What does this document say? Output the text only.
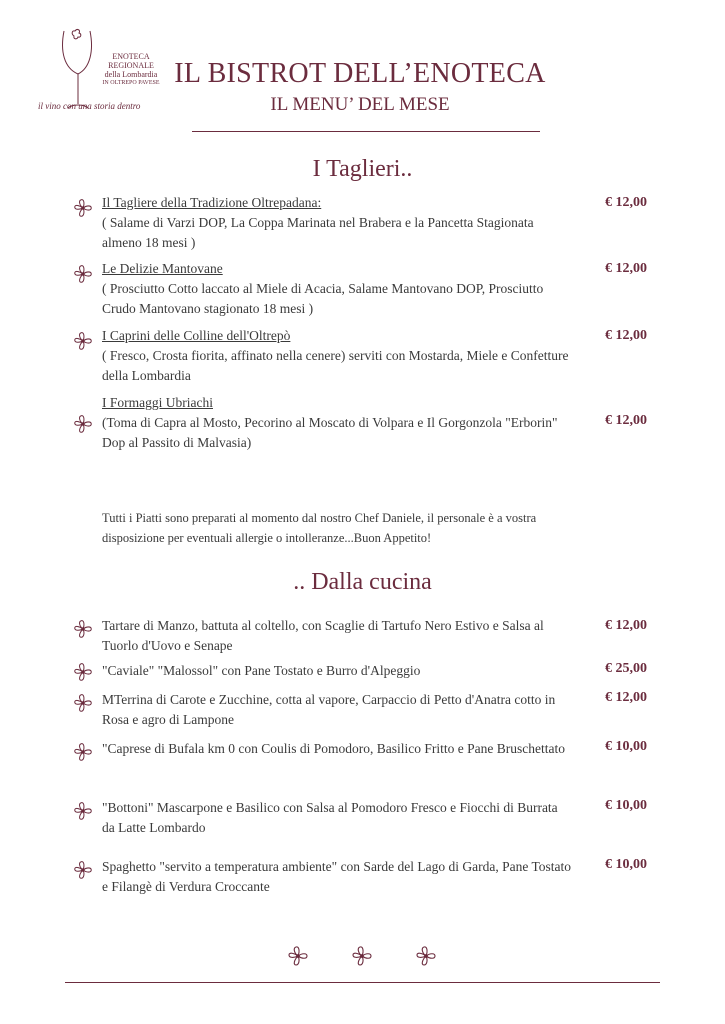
ENOTECA
REGIONALE
della Lombardia
IN OLTREPO PAVESE
il vino con una storia dentro
IL BISTROT DELL’ENOTECA
IL MENU’ DEL MESE
I Taglieri..
Il Tagliere della Tradizione Oltrepadana:
( Salame di Varzi DOP, La Coppa Marinata nel Brabera e la Pancetta Stagionata almeno 18 mesi )
€ 12,00
Le Delizie Mantovane
( Prosciutto Cotto laccato al Miele di Acacia, Salame Mantovano DOP, Prosciutto Crudo Mantovano stagionato 18 mesi )
€ 12,00
I Caprini delle Colline dell'Oltrepò
( Fresco, Crosta fiorita, affinato nella cenere) serviti con Mostarda, Miele e Confetture della Lombardia
€ 12,00
I Formaggi Ubriachi
(Toma di Capra al Mosto, Pecorino al Moscato di Volpara e Il Gorgonzola "Erborin" Dop al Passito di Malvasia)
€ 12,00
Tutti i Piatti sono preparati al momento dal nostro Chef Daniele, il personale è a vostra disposizione per eventuali allergie o intolleranze...Buon Appetito!
.. Dalla cucina
Tartare di Manzo, battuta al coltello, con Scaglie di Tartufo Nero Estivo e Salsa al Tuorlo d'Uovo e Senape
€ 12,00
"Caviale" "Malossol" con Pane Tostato e Burro d'Alpeggio	€ 25,00
MTerrina di Carote e Zucchine, cotta al vapore, Carpaccio di Petto d'Anatra cotto in Rosa e agro di Lampone
€ 12,00
"Caprese di Bufala km 0 con Coulis di Pomodoro, Basilico Fritto e Pane Bruschettato	€ 10,00
"Bottoni" Mascarpone e Basilico con Salsa al Pomodoro Fresco e Fiocchi di Burrata da Latte Lombardo
€ 10,00
Spaghetto "servito a temperatura ambiente" con Sarde del Lago di Garda, Pane Tostato e Filangè di Verdura Croccante
€ 10,00
